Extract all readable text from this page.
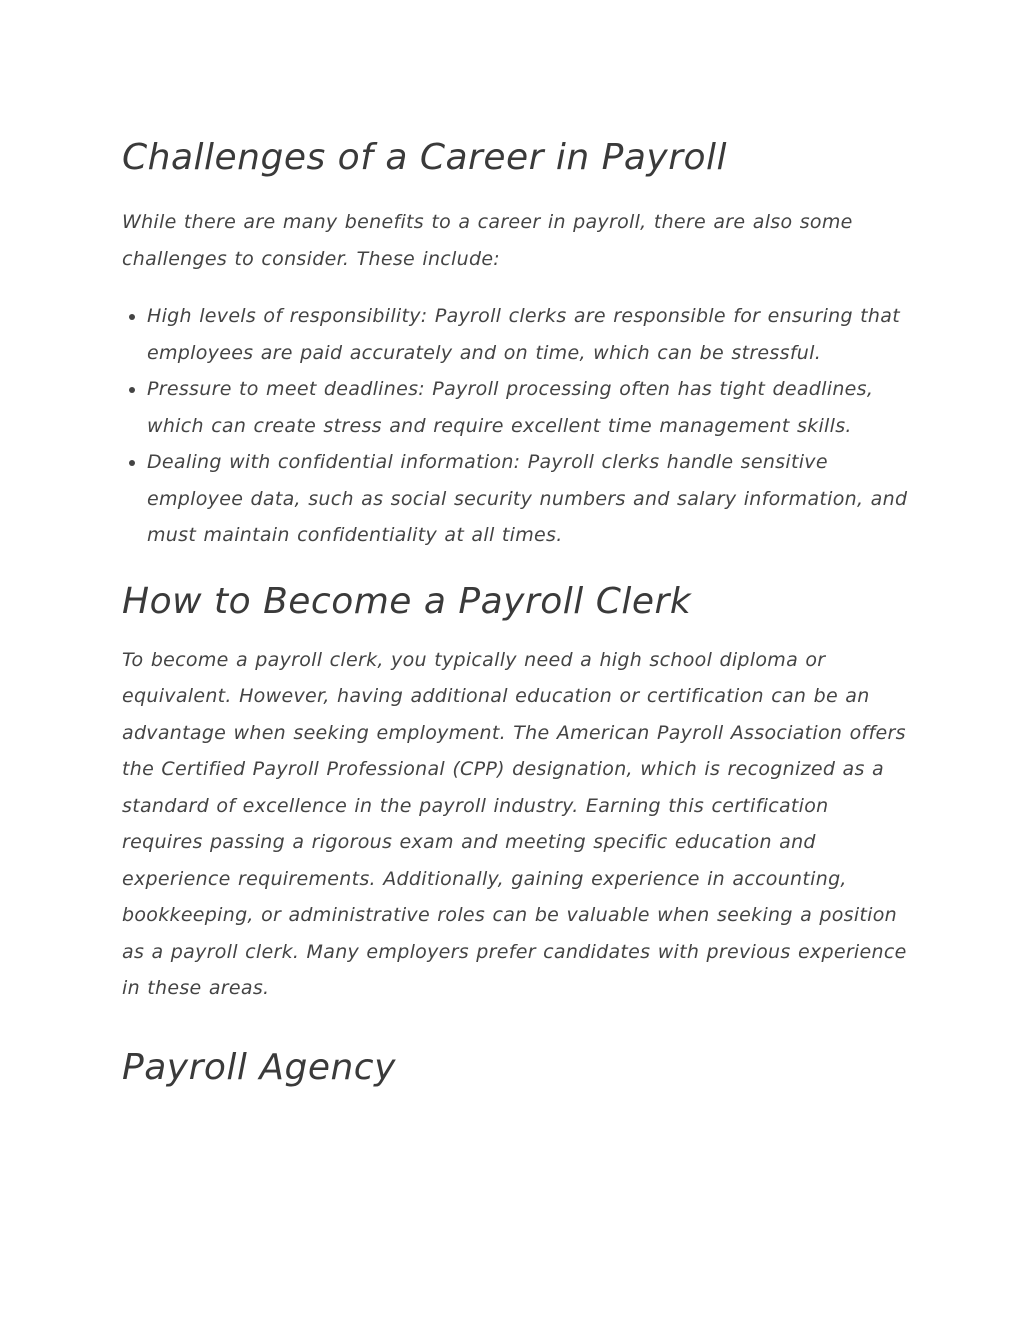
Challenges of a Career in Payroll

While there are many benefits to a career in payroll, there are also some challenges to consider. These include:

• High levels of responsibility: Payroll clerks are responsible for ensuring that employees are paid accurately and on time, which can be stressful.
• Pressure to meet deadlines: Payroll processing often has tight deadlines, which can create stress and require excellent time management skills.
• Dealing with confidential information: Payroll clerks handle sensitive employee data, such as social security numbers and salary information, and must maintain confidentiality at all times.
How to Become a Payroll Clerk

To become a payroll clerk, you typically need a high school diploma or equivalent. However, having additional education or certification can be an advantage when seeking employment. The American Payroll Association offers the Certified Payroll Professional (CPP) designation, which is recognized as a standard of excellence in the payroll industry. Earning this certification requires passing a rigorous exam and meeting specific education and experience requirements. Additionally, gaining experience in accounting, bookkeeping, or administrative roles can be valuable when seeking a position as a payroll clerk. Many employers prefer candidates with previous experience in these areas.

Payroll Agency
